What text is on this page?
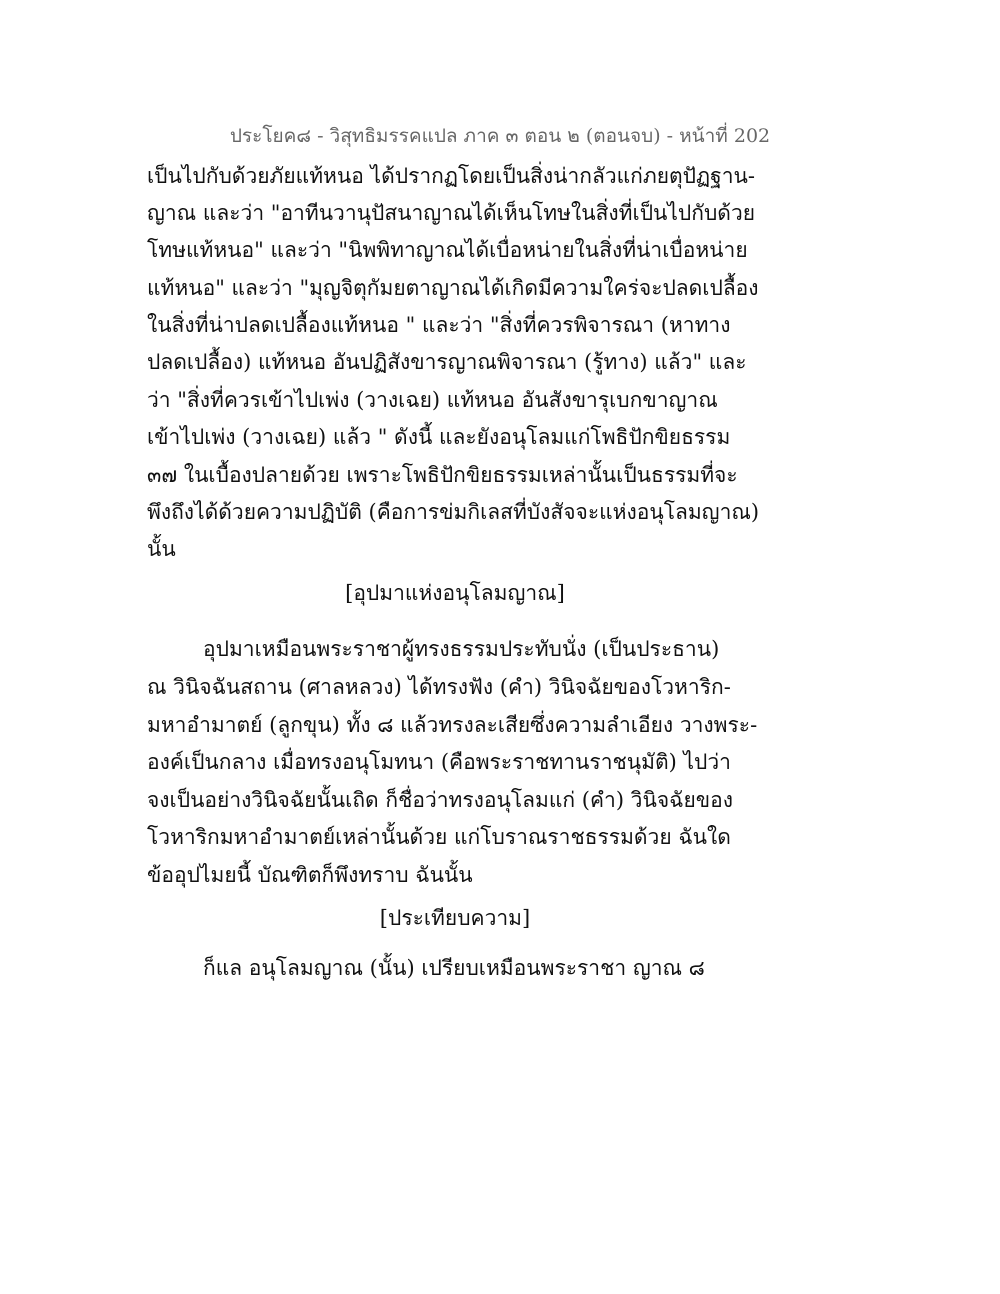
ประโยค๘ - วิสุทธิมรรคแปล ภาค ๓ ตอน ๒ (ตอนจบ) - หน้าที่ 202
เป็นไปกับด้วยภัยแท้หนอ ได้ปรากฏโดยเป็นสิ่งน่ากลัวแก่ภยตุปัฏฐาน-
ญาณ และว่า "อาทีนวานุปัสนาญาณได้เห็นโทษในสิ่งที่เป็นไปกับด้วย
โทษแท้หนอ" และว่า "นิพพิทาญาณได้เบื่อหน่ายในสิ่งที่น่าเบื่อหน่าย
แท้หนอ" และว่า "มุญจิตุกัมยตาญาณได้เกิดมีความใคร่จะปลดเปลื้อง
ในสิ่งที่น่าปลดเปลื้องแท้หนอ " และว่า "สิ่งที่ควรพิจารณา (หาทาง
ปลดเปลื้อง) แท้หนอ อันปฏิสังขารญาณพิจารณา (รู้ทาง) แล้ว" และ
ว่า "สิ่งที่ควรเข้าไปเพ่ง (วางเฉย) แท้หนอ อันสังขารุเบกขาญาณ
เข้าไปเพ่ง (วางเฉย) แล้ว " ดังนี้ และยังอนุโลมแก่โพธิปักขิยธรรม
๓๗ ในเบื้องปลายด้วย เพราะโพธิปักขิยธรรมเหล่านั้นเป็นธรรมที่จะ
พึงถึงได้ด้วยความปฏิบัติ (คือการข่มกิเลสที่บังสัจจะแห่งอนุโลมญาณ)
นั้น
[อุปมาแห่งอนุโลมญาณ]
อุปมาเหมือนพระราชาผู้ทรงธรรมประทับนั่ง (เป็นประธาน)
ณ วินิจฉันสถาน (ศาลหลวง) ได้ทรงฟัง (คำ) วินิจฉัยของโวหาริก-
มหาอำมาตย์ (ลูกขุน) ทั้ง ๘ แล้วทรงละเสียซึ่งความลำเอียง วางพระ-
องค์เป็นกลาง เมื่อทรงอนุโมทนา (คือพระราชทานราชนุมัติ) ไปว่า
จงเป็นอย่างวินิจฉัยนั้นเถิด ก็ชื่อว่าทรงอนุโลมแก่ (คำ) วินิจฉัยของ
โวหาริกมหาอำมาตย์เหล่านั้นด้วย แก่โบราณราชธรรมด้วย ฉันใด
ข้ออุปไมยนี้ บัณฑิตก็พึงทราบ ฉันนั้น
[ประเทียบความ]
ก็แล อนุโลมญาณ (นั้น) เปรียบเหมือนพระราชา ญาณ ๘
